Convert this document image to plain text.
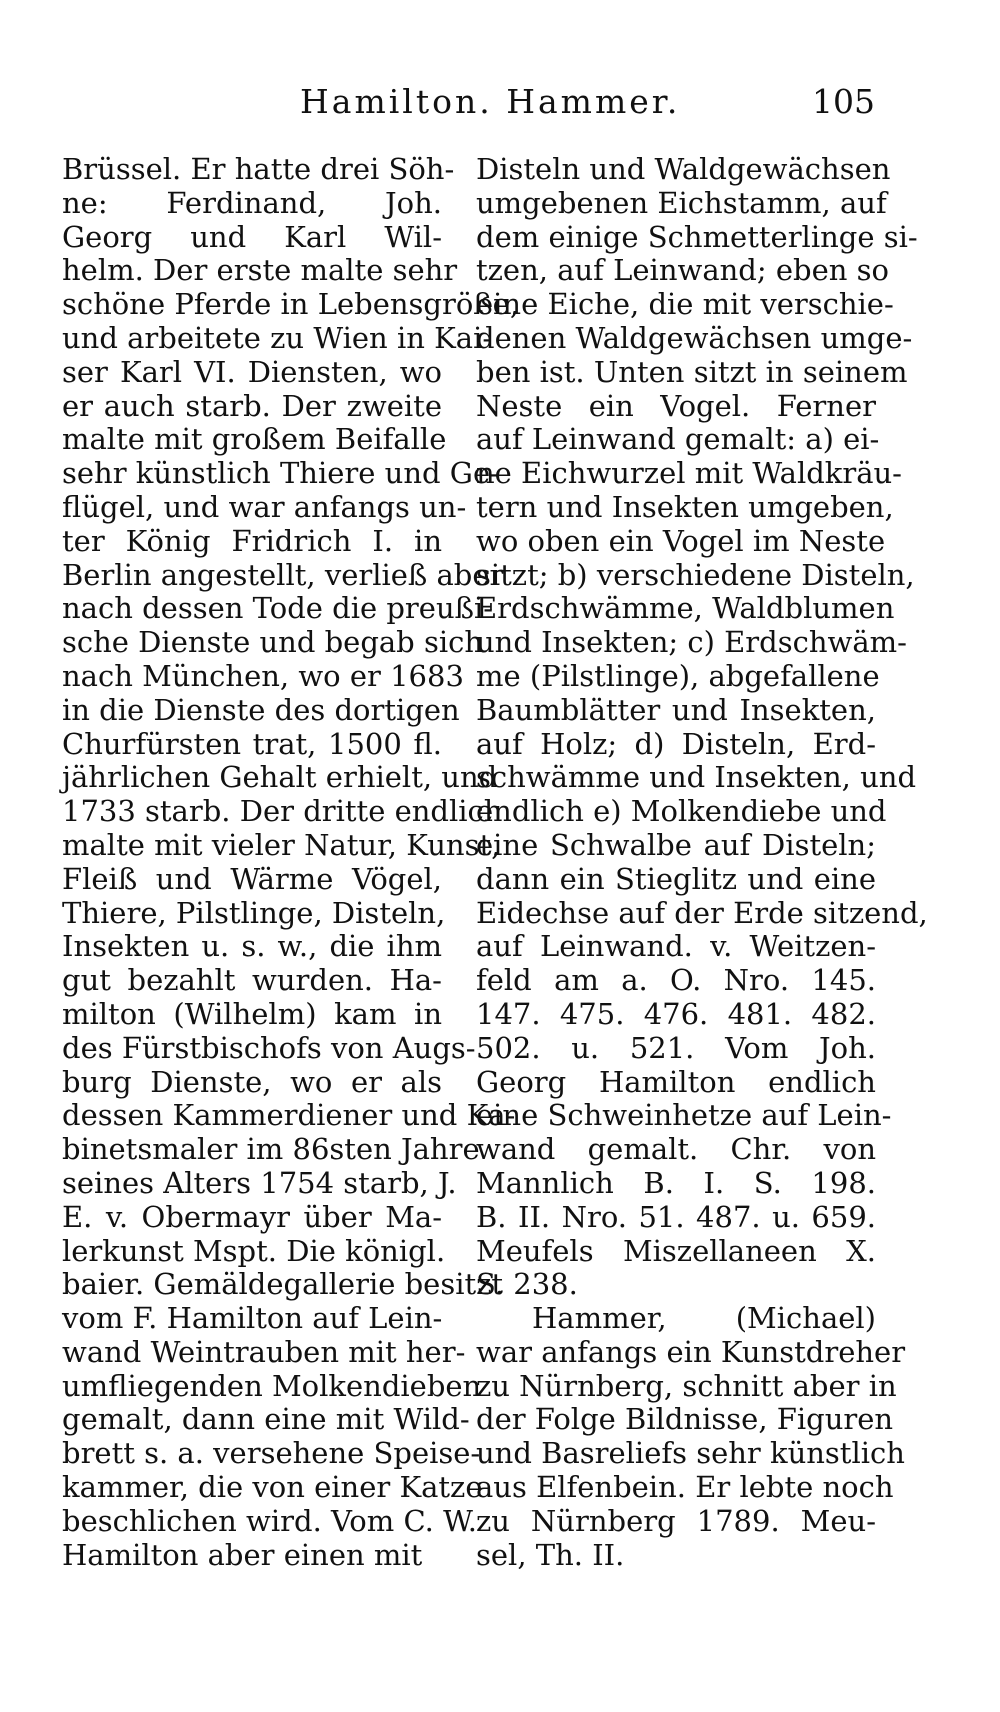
Hamilton. Hammer.	105
Brüssel. Er hatte drei Söh-
ne: Ferdinand, Joh.
Georg und Karl Wil-
helm. Der erste malte sehr
schöne Pferde in Lebensgröße,
und arbeitete zu Wien in Kai-
ser Karl VI. Diensten, wo
er auch starb. Der zweite
malte mit großem Beifalle
sehr künstlich Thiere und Ge-
flügel, und war anfangs un-
ter König Fridrich I. in
Berlin angestellt, verließ aber
nach dessen Tode die preußi-
sche Dienste und begab sich
nach München, wo er 1683
in die Dienste des dortigen
Churfürsten trat, 1500 fl.
jährlichen Gehalt erhielt, und
1733 starb. Der dritte endlich
malte mit vieler Natur, Kunst,
Fleiß und Wärme Vögel,
Thiere, Pilstlinge, Disteln,
Insekten u. s. w., die ihm
gut bezahlt wurden. Ha-
milton (Wilhelm) kam in
des Fürstbischofs von Augs-
burg Dienste, wo er als
dessen Kammerdiener und Ka-
binetsmaler im 86sten Jahre
seines Alters 1754 starb, J.
E. v. Obermayr über Ma-
lerkunst Mspt. Die königl.
baier. Gemäldegallerie besitzt
vom F. Hamilton auf Lein-
wand Weintrauben mit her-
umfliegenden Molkendieben
gemalt, dann eine mit Wild-
brett s. a. versehene Speise-
kammer, die von einer Katze
beschlichen wird. Vom C. W.
Hamilton aber einen mit
Disteln und Waldgewächsen
umgebenen Eichstamm, auf
dem einige Schmetterlinge si-
tzen, auf Leinwand; eben so
eine Eiche, die mit verschie-
denen Waldgewächsen umge-
ben ist. Unten sitzt in seinem
Neste ein Vogel. Ferner
auf Leinwand gemalt: a) ei-
ne Eichwurzel mit Waldkräu-
tern und Insekten umgeben,
wo oben ein Vogel im Neste
sitzt; b) verschiedene Disteln,
Erdschwämme, Waldblumen
und Insekten; c) Erdschwäm-
me (Pilstlinge), abgefallene
Baumblätter und Insekten,
auf Holz; d) Disteln, Erd-
schwämme und Insekten, und
endlich e) Molkendiebe und
eine Schwalbe auf Disteln;
dann ein Stieglitz und eine
Eidechse auf der Erde sitzend,
auf Leinwand. v. Weitzen-
feld am a. O. Nro. 145.
147. 475. 476. 481. 482.
502. u. 521. Vom Joh.
Georg Hamilton endlich
eine Schweinhetze auf Lein-
wand gemalt. Chr. von
Mannlich B. I. S. 198.
B. II. Nro. 51. 487. u. 659.
Meufels Miszellaneen X.
S. 238.
Hammer, (Michael)
war anfangs ein Kunstdreher
zu Nürnberg, schnitt aber in
der Folge Bildnisse, Figuren
und Basreliefs sehr künstlich
aus Elfenbein. Er lebte noch
zu Nürnberg 1789. Meu-
sel, Th. II.
